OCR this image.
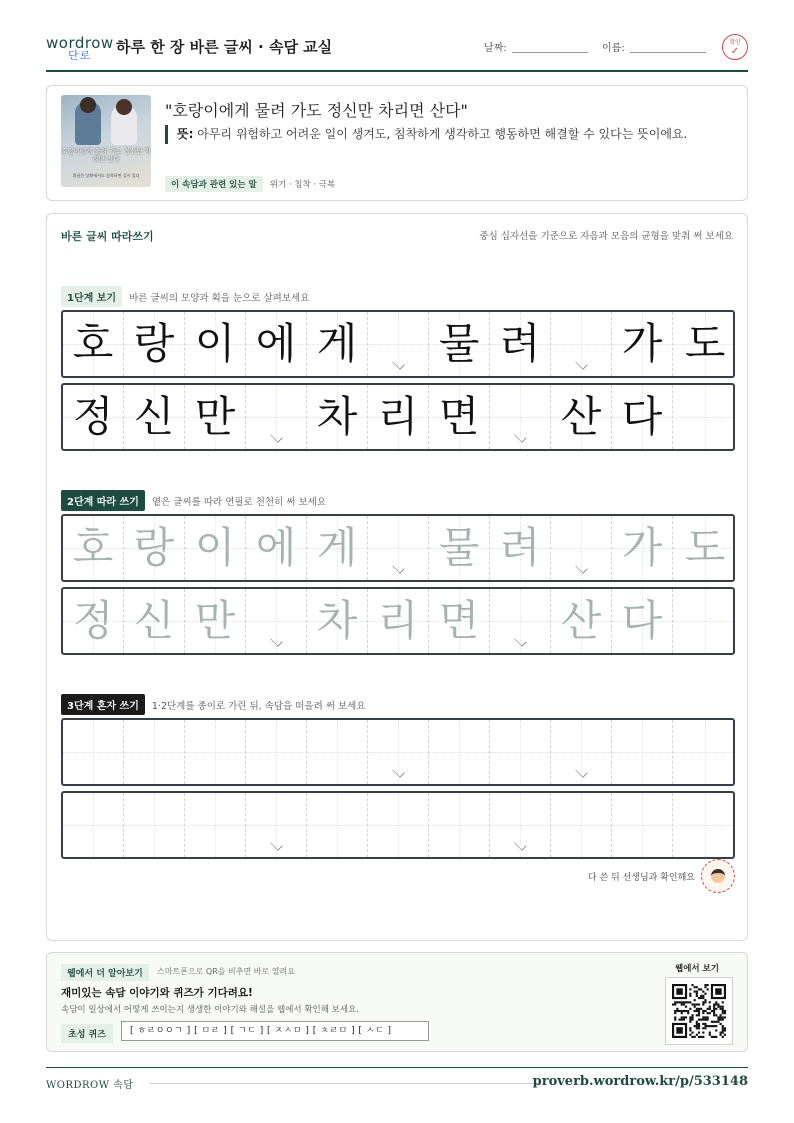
wordrow
단로 하루 한 장 바른 글씨 · 속담 교실	날짜:	이름:
확인
✓
호랑이에게 물려 가도 정신만 차리면 산다
위험한 상황에서도 침착하면 길이 있다
"호랑이에게 물려 가도 정신만 차리면 산다"
뜻: 아무리 위험하고 어려운 일이 생겨도, 침착하게 생각하고 행동하면 해결할 수 있다는 뜻이에요.
이 속담과 관련 있는 말	위기 · 침착 · 극복
바른 글씨 따라쓰기	중심 십자선을 기준으로 자음과 모음의 균형을 맞춰 써 보세요
1단계 보기	바른 글씨의 모양과 획을 눈으로 살펴보세요
호 랑 이 에 게 물 려 가 도
정 신 만 차 리 면 산 다
2단계 따라 쓰기	옅은 글씨를 따라 연필로 천천히 써 보세요
호 랑 이 에 게 물 려 가 도
정 신 만 차 리 면 산 다
3단계 혼자 쓰기	1·2단계를 종이로 가린 뒤, 속담을 떠올려 써 보세요
다 쓴 뒤 선생님과 확인해요
웹에서 더 알아보기	스마트폰으로 QR을 비추면 바로 열려요
재미있는 속담 이야기와 퀴즈가 기다려요!
속담이 일상에서 어떻게 쓰이는지 생생한 이야기와 해설을 웹에서 확인해 보세요.
초성 퀴즈	[ ㅎㄹㅇㅇㄱ ] [ ㅁㄹ ] [ ㄱㄷ ] [ ㅈㅅㅁ ] [ ㅊㄹㅁ ] [ ㅅㄷ ]
웹에서 보기
WORDROW 속담	proverb.wordrow.kr/p/533148
